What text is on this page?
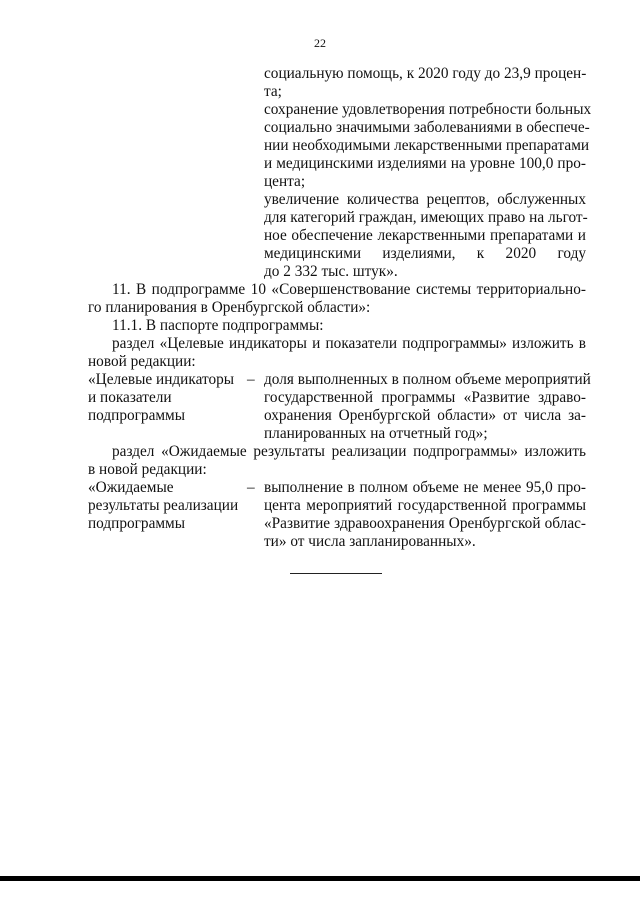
22
социальную помощь, к 2020 году до 23,9 процен-
та;
сохранение удовлетворения потребности больных
социально значимыми заболеваниями в обеспече-
нии необходимыми лекарственными препаратами
и медицинскими изделиями на уровне 100,0 про-
цента;
увеличение количества рецептов, обслуженных
для категорий граждан, имеющих право на льгот-
ное обеспечение лекарственными препаратами и
медицинскими изделиями, к 2020 году
до 2 332 тыс. штук».
11. В подпрограмме 10 «Совершенствование системы территориально-
го планирования в Оренбургской области»:
11.1. В паспорте подпрограммы:
раздел «Целевые индикаторы и показатели подпрограммы» изложить в
новой редакции:
«Целевые индикаторы
и показатели
подпрограммы
– доля выполненных в полном объеме мероприятий
государственной программы «Развитие здраво-
охранения Оренбургской области» от числа за-
планированных на отчетный год»;
раздел «Ожидаемые результаты реализации подпрограммы» изложить
в новой редакции:
«Ожидаемые
результаты реализации
подпрограммы
– выполнение в полном объеме не менее 95,0 про-
цента мероприятий государственной программы
«Развитие здравоохранения Оренбургской облас-
ти» от числа запланированных».
